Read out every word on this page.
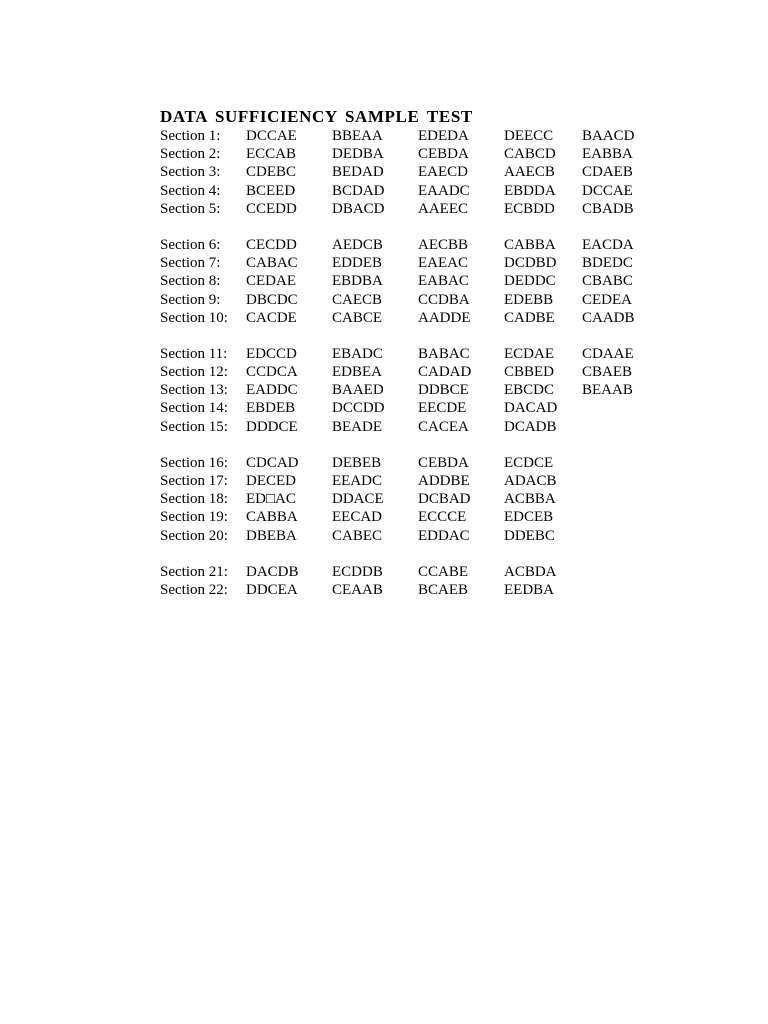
DATA SUFFICIENCY SAMPLE TEST
Section 1: DCCAE BBEAA EDEDA DEECC BAACD
Section 2: ECCAB DEDBA CEBDA CABCD EABBA
Section 3: CDEBC BEDAD EAECD AAECB CDAEB
Section 4: BCEED BCDAD EAADC EBDDA DCCAE
Section 5: CCEDD DBACD AAEEC ECBDD CBADB
Section 6: CECDD AEDCB AECBB CABBA EACDA
Section 7: CABAC EDDEB EAEAC DCDBD BDEDC
Section 8: CEDAE EBDBA EABAC DEDDC CBABC
Section 9: DBCDC CAECB CCDBA EDEBB CEDEA
Section 10: CACDE CABCE AADDE CADBE CAADB
Section 11: EDCCD EBADC BABAC ECDAE CDAAE
Section 12: CCDCA EDBEA CADAD CBBED CBAEB
Section 13: EADDC BAAED DDBCE EBCDC BEAAB
Section 14: EBDEB DCCDD EECDE	DACAD
Section 15: DDDCE BEADE CACEA DCADB
Section 16: CDCAD DEBEB CEBDA ECDCE
Section 17: DECED EEADC ADDBE ADACB
Section 18: ED□AC DDACE DCBAD ACBBA
Section 19: CABBA EECAD ECCCE	EDCEB
Section 20: DBEBA CABEC EDDAC DDEBC
Section 21: DACDB ECDDB CCABE ACBDA
Section 22: DDCEA CEAAB BCAEB EEDBA
